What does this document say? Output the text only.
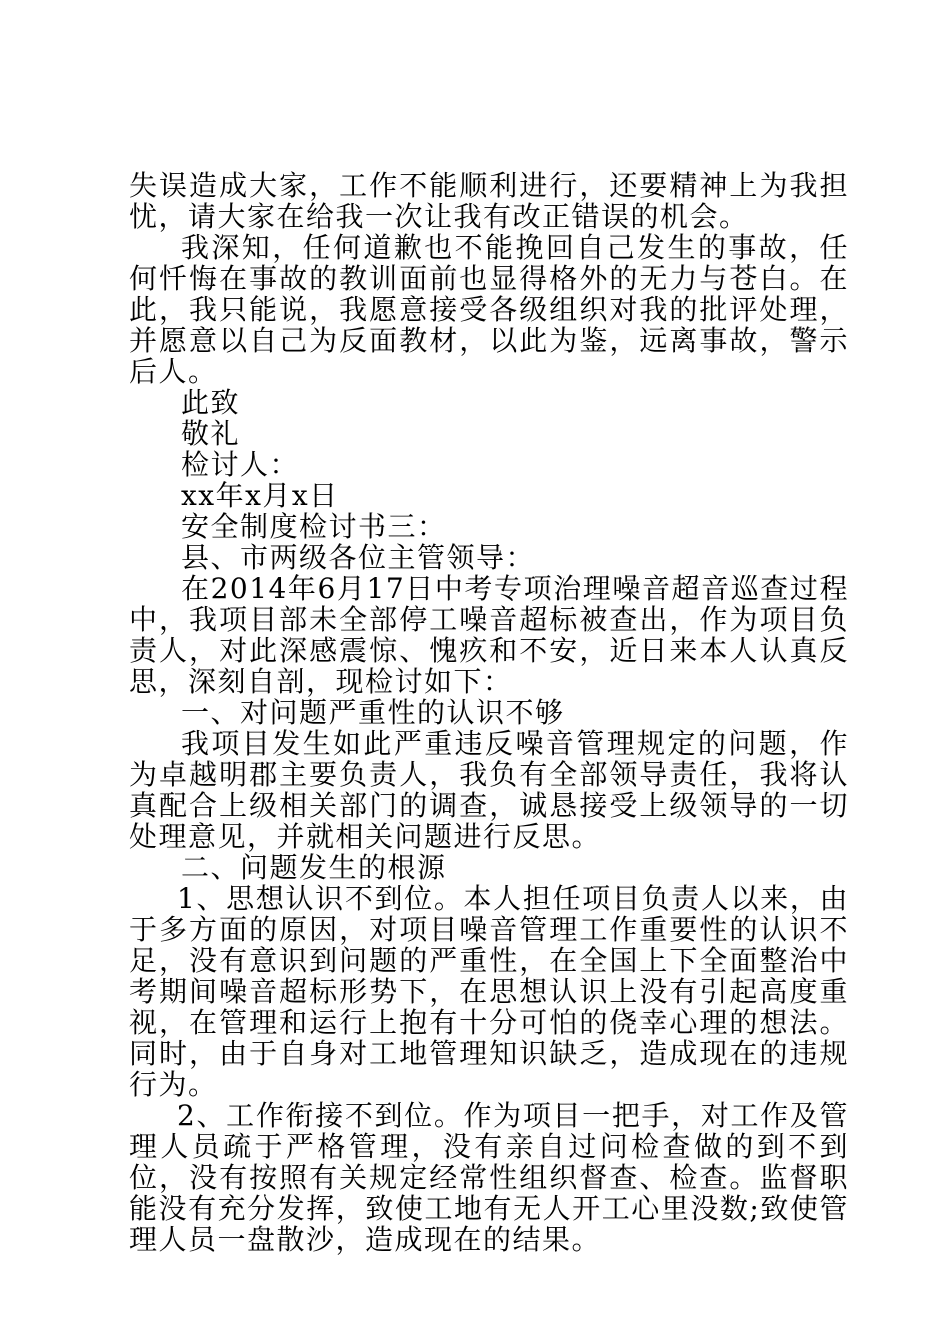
失误造成大家，工作不能顺利进行，还要精神上为我担忧，请大家在给我一次让我有改正错误的机会。

我深知，任何道歉也不能挽回自己发生的事故，任何忏悔在事故的教训面前也显得格外的无力与苍白。在此，我只能说，我愿意接受各级组织对我的批评处理，并愿意以自己为反面教材，以此为鉴，远离事故，警示后人。

此致

敬礼

检讨人：

xx年x月x日

安全制度检讨书三：

县、市两级各位主管领导：

在2014年6月17日中考专项治理噪音超音巡查过程中，我项目部未全部停工噪音超标被查出，作为项目负责人，对此深感震惊、愧疚和不安，近日来本人认真反思，深刻自剖，现检讨如下：

一、对问题严重性的认识不够

我项目发生如此严重违反噪音管理规定的问题，作为卓越明郡主要负责人，我负有全部领导责任，我将认真配合上级相关部门的调查，诚恳接受上级领导的一切处理意见，并就相关问题进行反思。

二、问题发生的根源

1、思想认识不到位。本人担任项目负责人以来，由于多方面的原因，对项目噪音管理工作重要性的认识不足，没有意识到问题的严重性，在全国上下全面整治中考期间噪音超标形势下，在思想认识上没有引起高度重视，在管理和运行上抱有十分可怕的侥幸心理的想法。同时，由于自身对工地管理知识缺乏，造成现在的违规行为。

2、工作衔接不到位。作为项目一把手，对工作及管理人员疏于严格管理，没有亲自过问检查做的到不到位，没有按照有关规定经常性组织督查、检查。监督职能没有充分发挥，致使工地有无人开工心里没数;致使管理人员一盘散沙，造成现在的结果。
